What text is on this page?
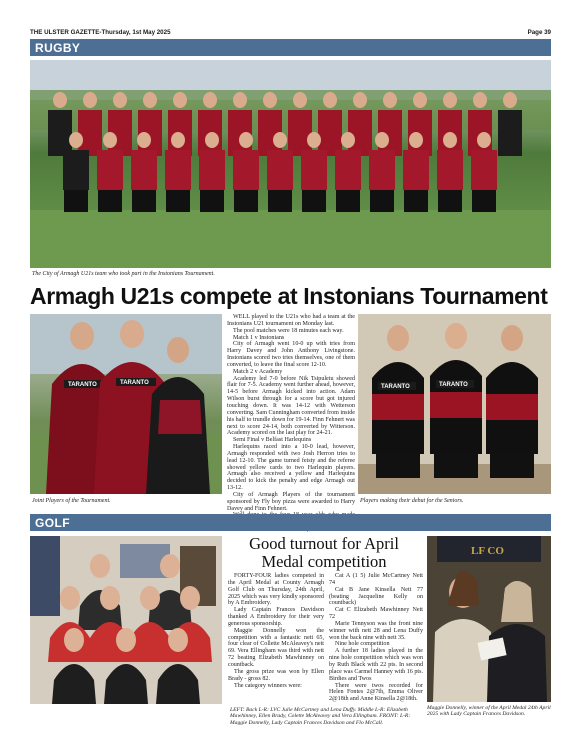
THE ULSTER GAZETTE-Thursday, 1st May 2025	Page 39
RUGBY
The City of Armagh U21s team who took part in the Instonians Tournament.
Armagh U21s compete at Instonians Tournament
TARANTO	TARANTO
Joint Players of the Tournament.

WELL played to the U21s who had a team at the Instonians U21 tournament on Monday last.

The pool matches were 18 minutes each way.

Match 1 v Instonians

City of Armagh went 10-0 up with tries from Harry Davey and John Anthony Livingstone. Instonians scored two tries themselves, one of them converted, to leave the final score 12-10.

Match 2 v Academy

Academy led 7-0 before Nik Tsipuletu showed flair for 7-5. Academy went further ahead, however, 14-5 before Armagh kicked into action. Adam Wilson burst through for a score but got injured touching down. It was 14-12 with Wetterson converting. Sam Cunningham converted from inside his half to trundle down for 19-14. Finn Fehnert was next to score 24-14, both converted by Witterson. Academy scored on the last play for 24-21.

Semi Final v Belfast Harlequins

Harlequins raced into a 10-0 lead, however, Armagh responded with two Josh Herron tries to lead 12-10. The game turned feisty and the referee showed yellow cards to two Harlequin players. Armagh also received a yellow and Harlequins decided to kick the penalty and edge Armagh out 13-12.

City of Armagh Players of the tournament sponsored by Fly boy pizza were awarded to Harry Davey and Finn Fehnert.

TARANTO	TARANTO
Players making their debut for the Seniors.
GOLF
Good turnout for April Medal competition

FORTY-FOUR ladies competed in the April Medal at County Armagh Golf Club on Thursday, 24th April, 2025 which was very kindly sponsored by A Embroidery.

Lady Captain Frances Davidson thanked A Embroidery for their very generous sponsorship.

Maggie Donnelly won the competition with a fantastic nett 65, four clear of Collette McAleavey's nett 69. Vera Ellingham was third with nett 72 beating Elizabeth Mawhinney on countback.

The gross prize was won by Ellen Brady - gross 82.

The category winners were:

Cat A (1 5) Julie McCartney Nett 74

Cat B Jane Kinsella Nett 77 (beating Jacqueline Kelly on countback)

Cat C Elizabeth Mawhinney Nett 72

Marie Tennyson was the front nine winner with nett 28 and Lena Duffy won the back nine with nett 35.

Nine hole competition

A further 18 ladies played in the nine hole competition which was won by Ruth Black with 22 pts. In second place was Carmel Hanney with 16 pts. Birdies and Twos

There were twos recorded for Helen Fontes 2@7th, Emma Oliver 2@18th and Anne Kinsella 2@18th.

LF CO
Maggie Donnelly, winner of the April Medal 24th April 2025 with Lady Captain Frances Davidson.
LEFT: Back L-R: LVC Julie McCartney and Lena Duffy. Middle L-R: Elizabeth Mawhinney, Ellen Brady, Colette McAleavey and Vera Ellingham. FRONT: L-R: Maggie Donnelly, Lady Captain Frances Davidson and Flo McCall.
